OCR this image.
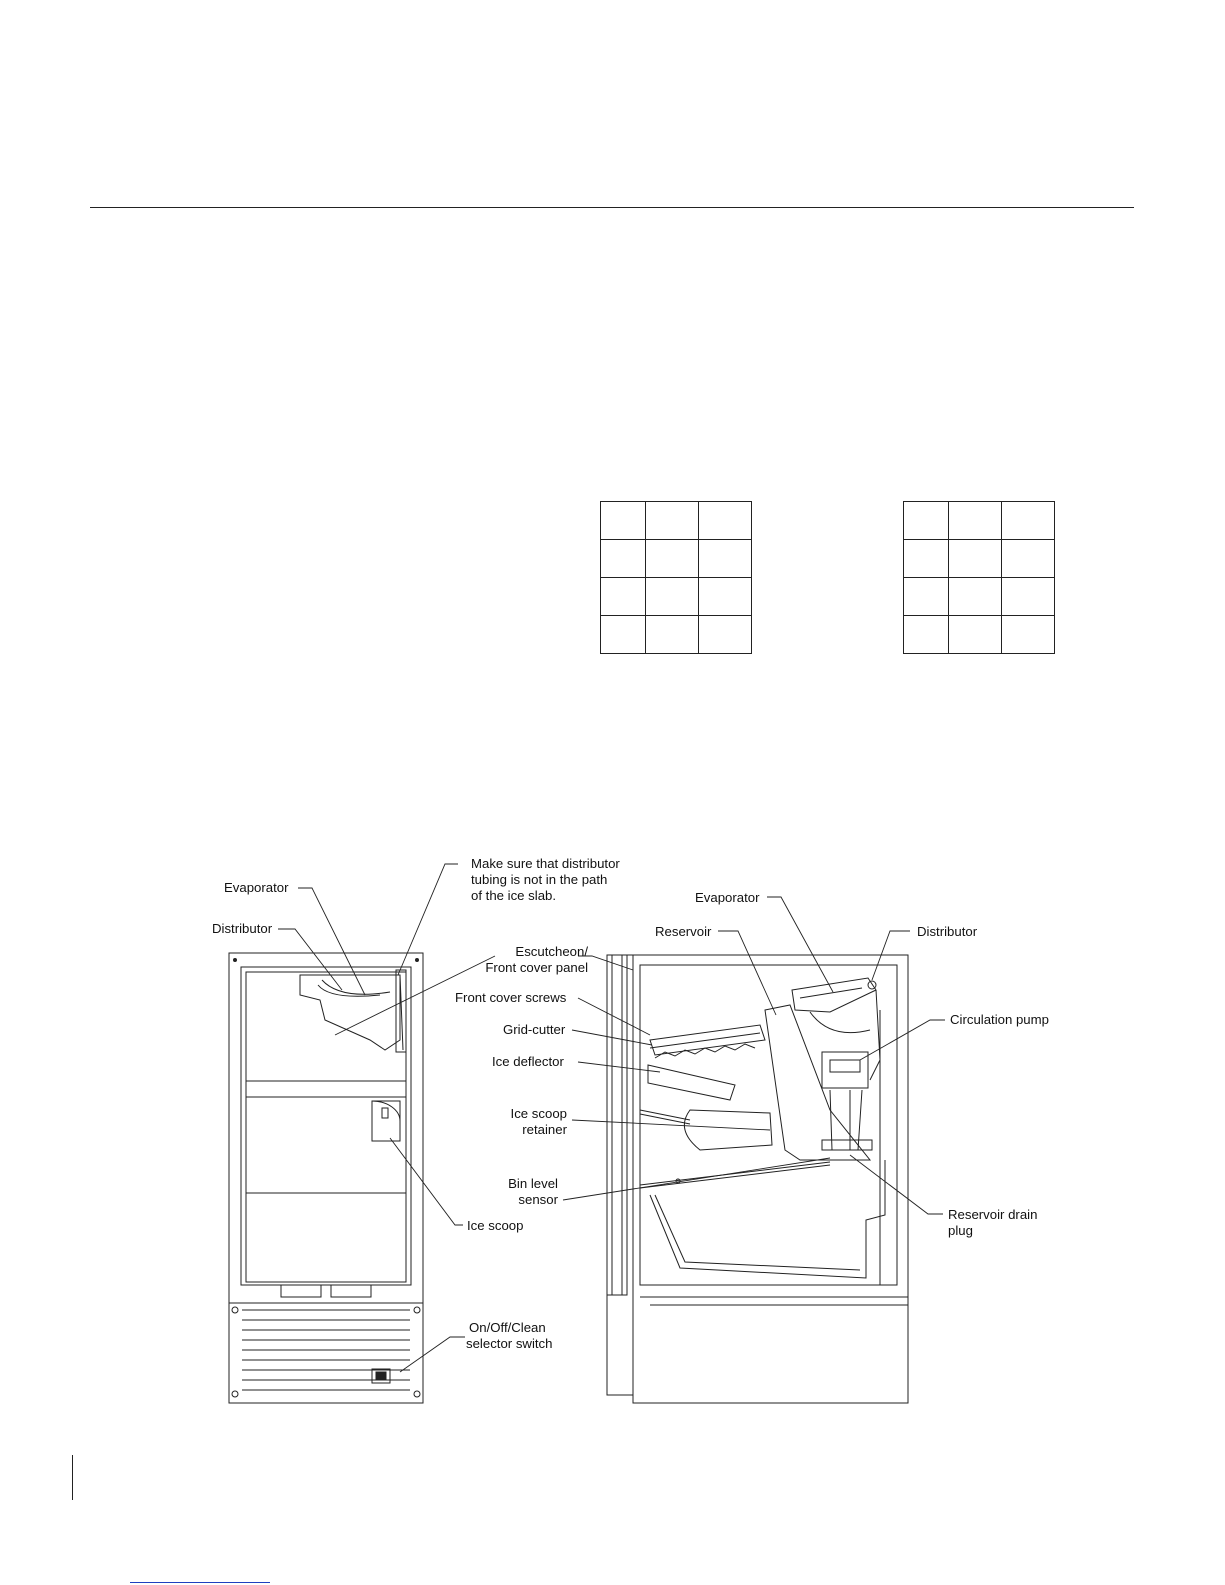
Evaporator
Distributor
Make sure that distributor
tubing is not in the path
of the ice slab.
Ice scoop
On/Off/Clean
selector switch
Evaporator
Reservoir	Distributor
Escutcheon/
Front cover panel
Front cover screws
Grid-cutter
Ice deflector
Circulation pump
Ice scoop
retainer
Bin level
sensor
Reservoir drain
plug
